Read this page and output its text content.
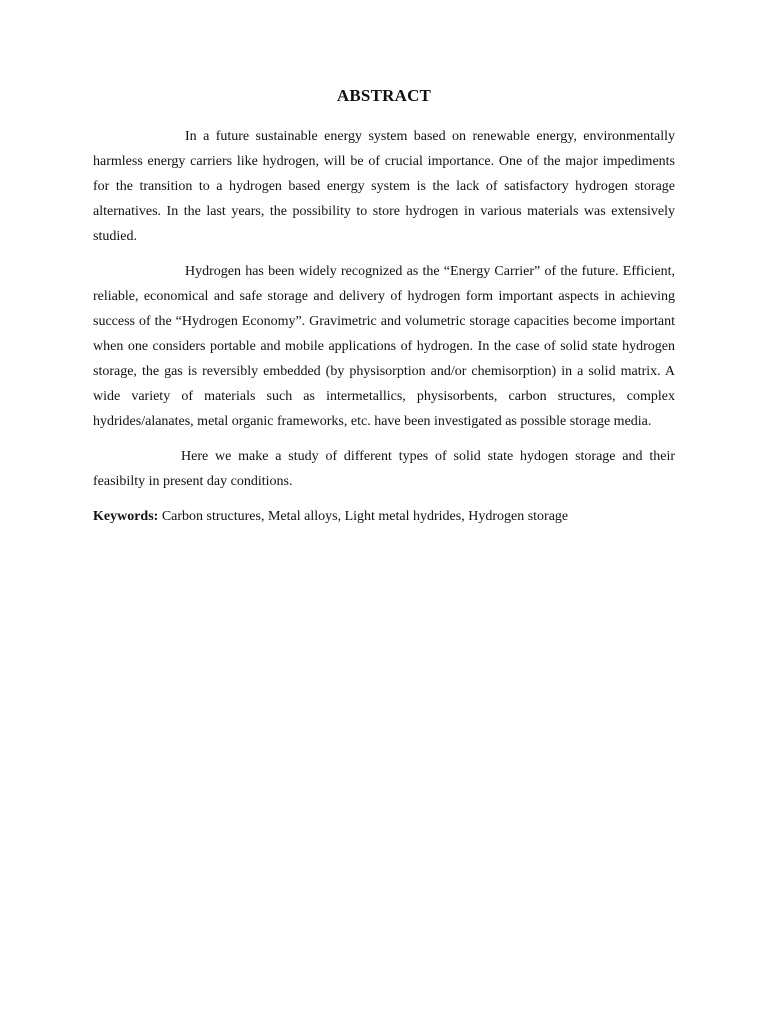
ABSTRACT

In a future sustainable energy system based on renewable energy, environmentally harmless energy carriers like hydrogen, will be of crucial importance. One of the major impediments for the transition to a hydrogen based energy system is the lack of satisfactory hydrogen storage alternatives. In the last years, the possibility to store hydrogen in various materials was extensively studied.

Hydrogen has been widely recognized as the “Energy Carrier” of the future. Efficient, reliable, economical and safe storage and delivery of hydrogen form important aspects in achieving success of the “Hydrogen Economy”. Gravimetric and volumetric storage capacities become important when one considers portable and mobile applications of hydrogen. In the case of solid state hydrogen storage, the gas is reversibly embedded (by physisorption and/or chemisorption) in a solid matrix. A wide variety of materials such as intermetallics, physisorbents, carbon structures, complex hydrides/alanates, metal organic frameworks, etc. have been investigated as possible storage media.

Here we make a study of different types of solid state hydogen storage and their feasibilty in present day conditions.

Keywords: Carbon structures, Metal alloys, Light metal hydrides, Hydrogen storage
